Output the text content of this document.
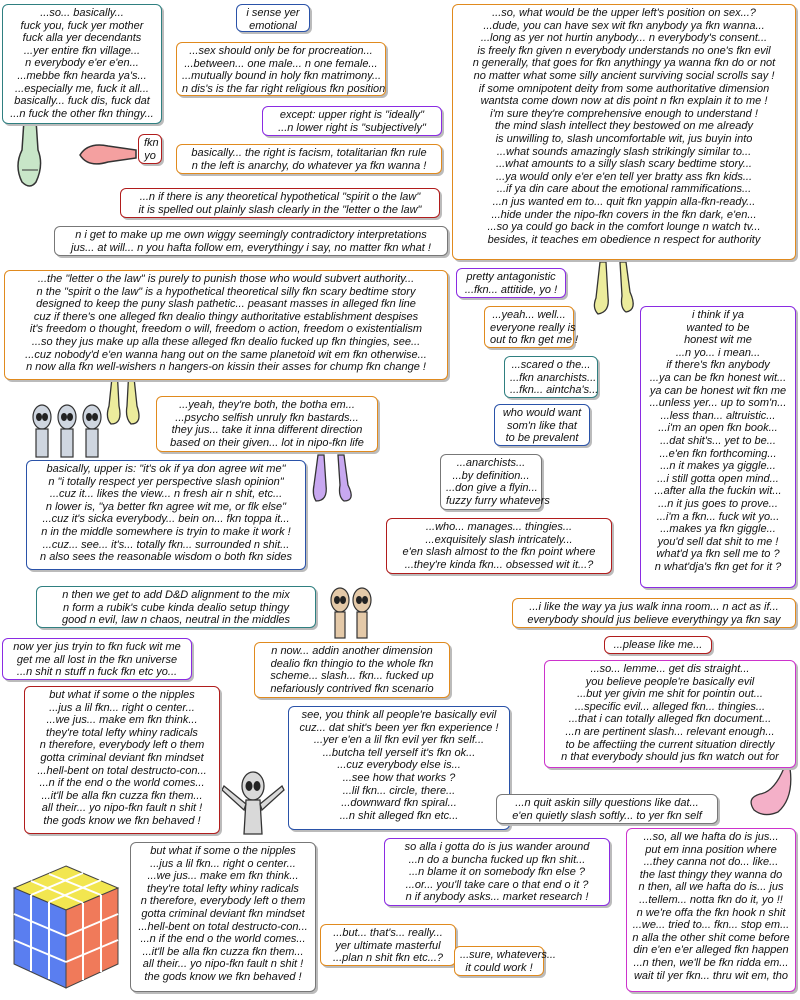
...so... basically...
fuck you, fuck yer mother
fuck alla yer decendants
...yer entire fkn village...
n everybody e'er e'en...
...mebbe fkn hearda ya's...
...especially me, fuck it all...
basically... fuck dis, fuck dat
...n fuck the other fkn thingy...
i sense yer
emotional
...sex should only be for procreation...
...between... one male... n one female...
...mutually bound in holy fkn matrimony...
n dis's is the far right religious fkn position
fkn
yo
except: upper right is "ideally"
...n lower right is "subjectively"
basically... the right is facism, totalitarian fkn rule
n the left is anarchy, do whatever ya fkn wanna !
...n if there is any theoretical hypothetical "spirit o the law"
it is spelled out plainly slash clearly in the "letter o the law"
n i get to make up me own wiggy seemingly contradictory interpretations
jus... at will... n you hafta follow em, everythingy i say, no matter fkn what !
...so, what would be the upper left's position on sex...?
...dude, you can have sex wit fkn anybody ya fkn wanna...
...long as yer not hurtin anybody... n everybody's consent...
is freely fkn given n everybody understands no one's fkn evil
n generally, that goes for fkn anythingy ya wanna fkn do or not
no matter what some silly ancient surviving social scrolls say !
if some omnipotent deity from some authoritative dimension
wantsta come down now at dis point n fkn explain it to me !
i'm sure they're comprehensive enough to understand !
the mind slash intellect they bestowed on me already
is unwilling to, slash uncomfortable wit, jus buyin into
...what sounds amazingly slash strikingly similar to...
...what amounts to a silly slash scary bedtime story...
...ya would only e'er e'en tell yer bratty ass fkn kids...
...if ya din care about the emotional rammifications...
...n jus wanted em to... quit fkn yappin alla-fkn-ready...
...hide under the nipo-fkn covers in the fkn dark, e'en...
...so ya could go back in the comfort lounge n watch tv...
besides, it teaches em obedience n respect for authority
...the "letter o the law" is purely to punish those who would subvert authority...
n the "spirit o the law" is a hypothetical theoretical silly fkn scary bedtime story
designed to keep the puny slash pathetic... peasant masses in alleged fkn line
cuz if there's one alleged fkn dealio thingy authoritative establishment despises
it's freedom o thought, freedom o will, freedom o action, freedom o existentialism
...so they jus make up alla these alleged fkn dealio fucked up fkn thingies, see...
...cuz nobody'd e'en wanna hang out on the same planetoid wit em fkn otherwise...
n now alla fkn well-wishers n hangers-on kissin their asses for chump fkn change !
pretty antagonistic
...fkn... attitide, yo !
...yeah... well...
everyone really is
out to fkn get me !
i think if ya
wanted to be
honest wit me
...n yo... i mean...
if there's fkn anybody
...ya can be fkn honest wit...
ya can be honest wit fkn me
...unless yer... up to som'n...
...less than... altruistic...
...i'm an open fkn book...
...dat shit's... yet to be...
...e'en fkn forthcoming...
...n it makes ya giggle...
...i still gotta open mind...
...after alla the fuckin wit...
...n it jus goes to prove...
...i'm a fkn... fuck wit yo...
...makes ya fkn giggle...
you'd sell dat shit to me !
what'd ya fkn sell me to ?
n what'dja's fkn get for it ?
...scared o the...
...fkn anarchists...
...fkn... aintcha's...
who would want
som'n like that
to be prevalent
...yeah, they're both, the botha em...
...psycho selfish unruly fkn bastards...
they jus... take it inna different direction
based on their given... lot in nipo-fkn life
basically, upper is: "it's ok if ya don agree wit me"
n "i totally respect yer perspective slash opinion"
...cuz it... likes the view... n fresh air n shit, etc...
n lower is, "ya better fkn agree wit me, or flk else"
...cuz it's sicka everybody... bein on... fkn toppa it...
n in the middle somewhere is tryin to make it work !
...cuz... see... it's... totally fkn... surrounded n shit...
n also sees the reasonable wisdom o both fkn sides
...anarchists...
...by definition...
...don give a flyin...
fuzzy furry whatevers
...who... manages... thingies...
...exquisitely slash intricately...
e'en slash almost to the fkn point where
...they're kinda fkn... obsessed wit it...?
n then we get to add D&D alignment to the mix
n form a rubik's cube kinda dealio setup thingy
good n evil, law n chaos, neutral in the middles
...i like the way ya jus walk inna room... n act as if...
everybody should jus believe everythingy ya fkn say
now yer jus tryin to fkn fuck wit me
get me all lost in the fkn universe
...n shit n stuff n fuck fkn etc yo...
n now... addin another dimension
dealio fkn thingio to the whole fkn
scheme... slash... fkn... fucked up
nefariously contrived fkn scenario
...please like me...
...so... lemme... get dis straight...
you believe people're basically evil
...but yer givin me shit for pointin out...
...specific evil... alleged fkn... thingies...
...that i can totally alleged fkn document...
...n are pertinent slash... relevant enough...
to be affectiing the current situation directly
n that everybody should jus fkn watch out for
but what if some o the nipples
...jus a lil fkn... right o center...
...we jus... make em fkn think...
they're total lefty whiny radicals
n therefore, everybody left o them
gotta criminal deviant fkn mindset
...hell-bent on total destructo-con...
...n if the end o the world comes...
...it'll be alla fkn cuzza fkn them...
all their... yo nipo-fkn fault n shit !
the gods know we fkn behaved !
see, you think all people're basically evil
cuz... dat shit's been yer fkn experience !
...yer e'en a lil fkn evil yer fkn self...
...butcha tell yerself it's fkn ok...
...cuz everybody else is...
...see how that works ?
...lil fkn... circle, there...
...downward fkn spiral...
...n shit alleged fkn etc...
...n quit askin silly questions like dat...
e'en quietly slash softly... to yer fkn self
but what if some o the nipples
...jus a lil fkn... right o center...
...we jus... make em fkn think...
they're total lefty whiny radicals
n therefore, everybody left o them
gotta criminal deviant fkn mindset
...hell-bent on total destructo-con...
...n if the end o the world comes...
...it'll be alla fkn cuzza fkn them...
all their... yo nipo-fkn fault n shit !
the gods know we fkn behaved !
so alla i gotta do is jus wander around
...n do a buncha fucked up fkn shit...
...n blame it on somebody fkn else ?
...or... you'll take care o that end o it ?
n if anybody asks... market research !
...so, all we hafta do is jus...
put em inna position where
...they canna not do... like...
the last thingy they wanna do
n then, all we hafta do is... jus
...tellem... notta fkn do it, yo !!
n we're offa the fkn hook n shit
...we... tried to... fkn... stop em...
n alla the other shit come before
din e'en e'er alleged fkn happen
...n then, we'll be fkn ridda em...
wait til yer fkn... thru wit em, tho
...but... that's... really...
yer ultimate masterful
...plan n shit fkn etc...?	...sure, whatevers...
it could work !
